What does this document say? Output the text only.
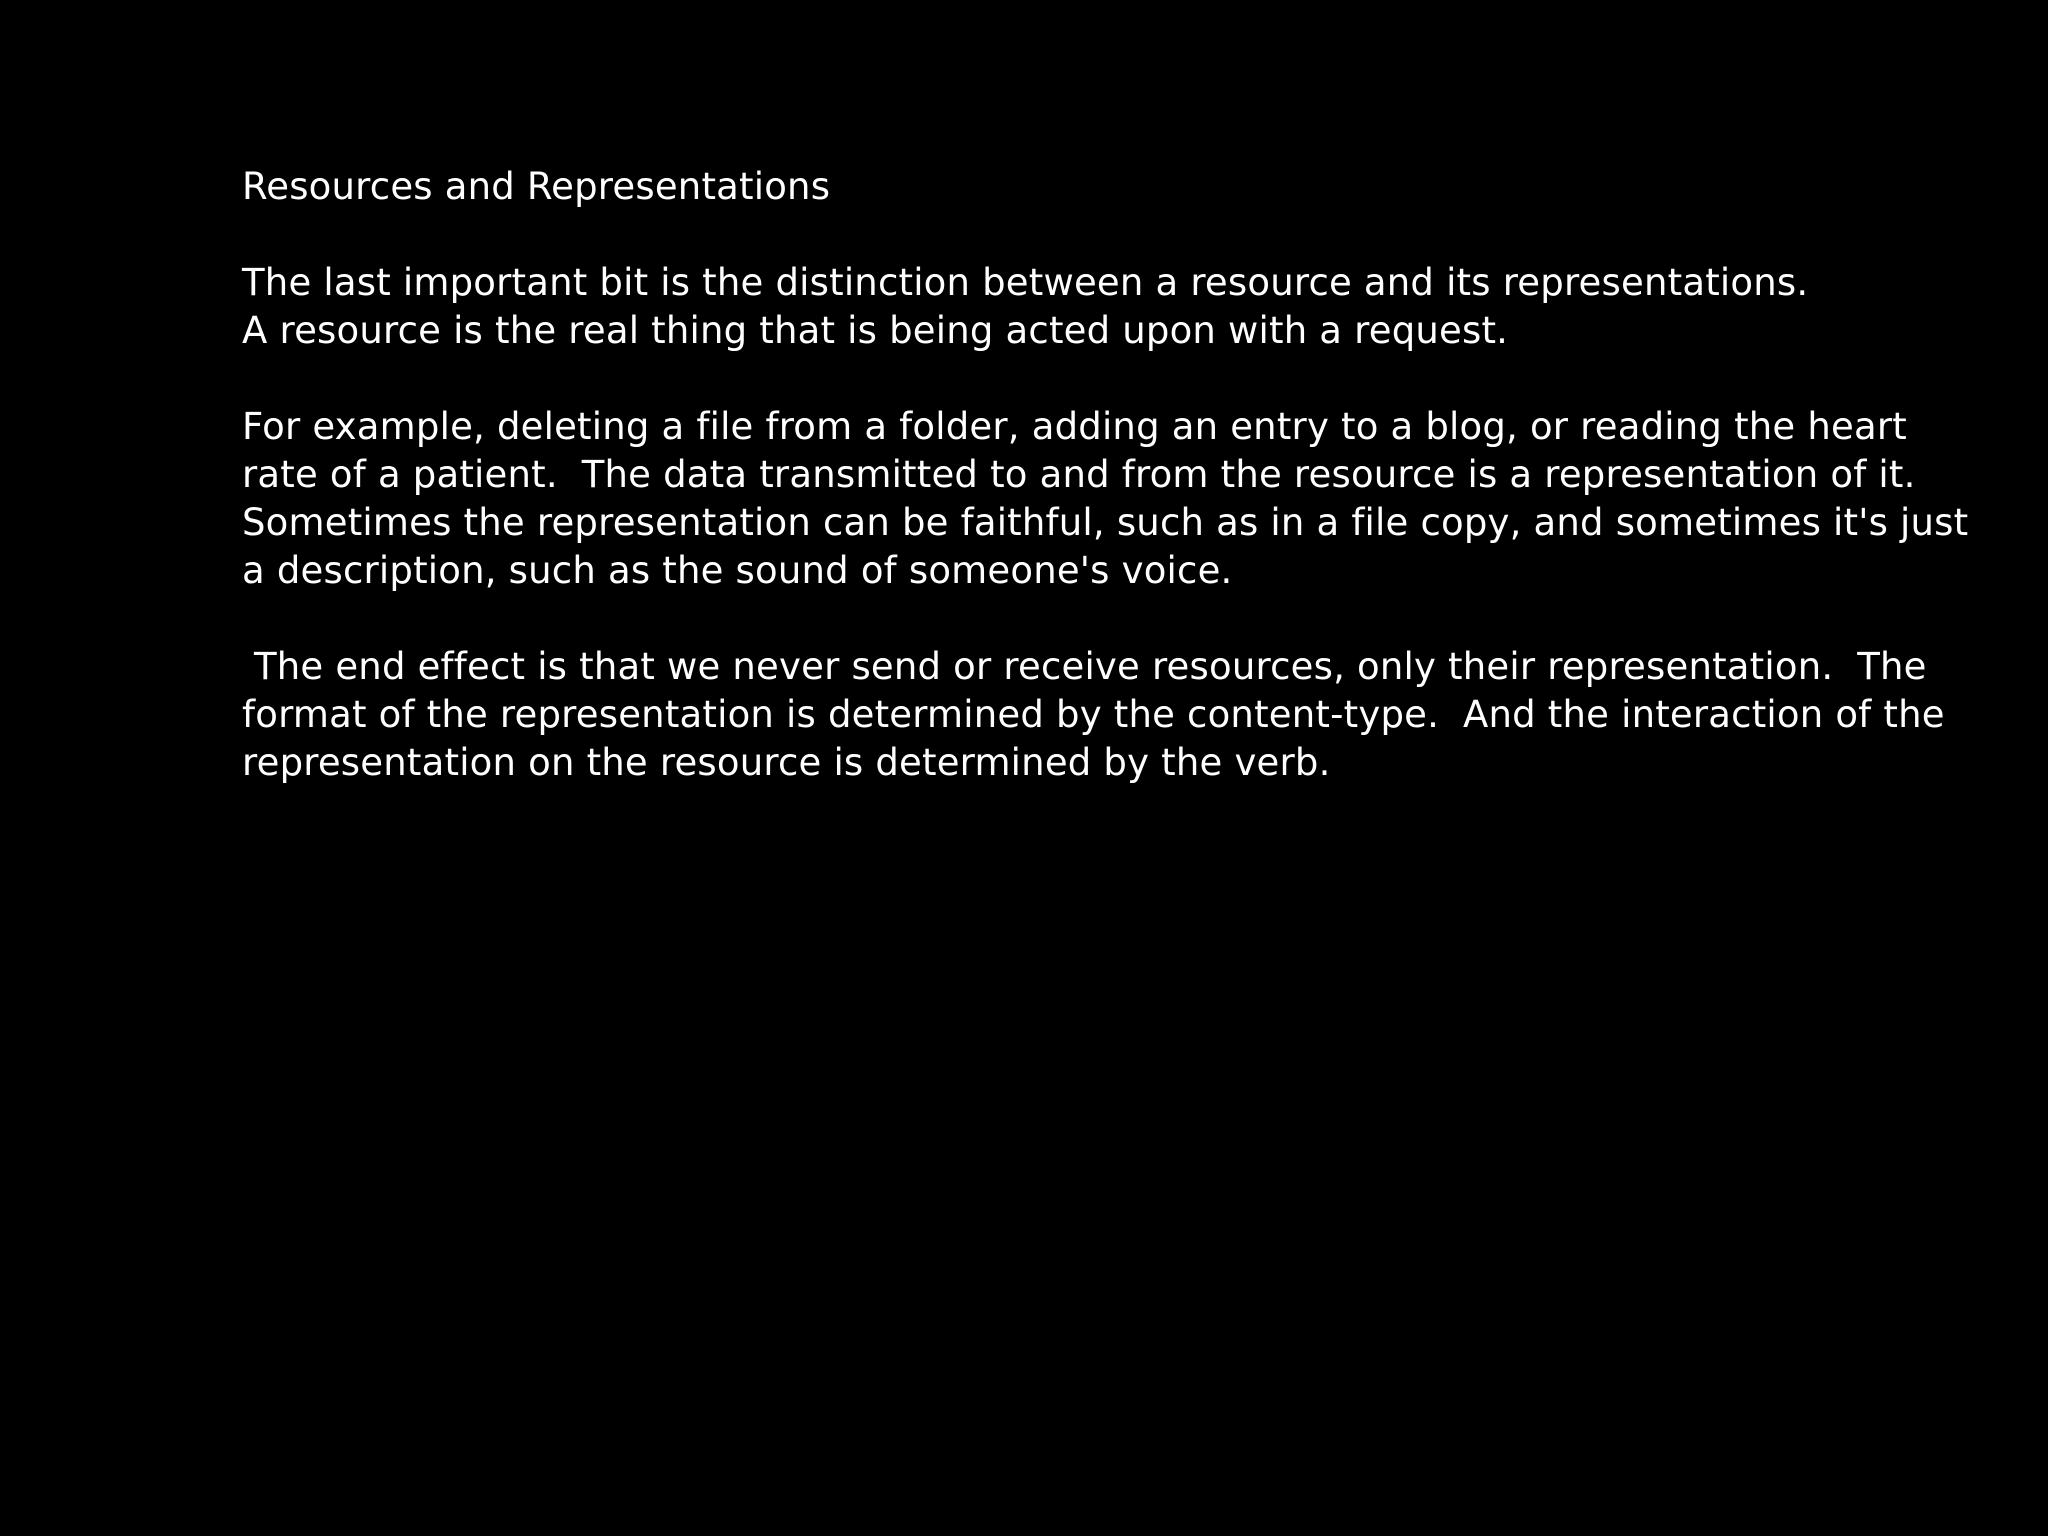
Resources and Representations
The last important bit is the distinction between a resource and its representations.
A resource is the real thing that is being acted upon with a request.
For example, deleting a file from a folder, adding an entry to a blog, or reading the heart
rate of a patient.  The data transmitted to and from the resource is a representation of it.
Sometimes the representation can be faithful, such as in a file copy, and sometimes it's just
a description, such as the sound of someone's voice.
The end effect is that we never send or receive resources, only their representation.  The
format of the representation is determined by the content-type.  And the interaction of the
representation on the resource is determined by the verb.
